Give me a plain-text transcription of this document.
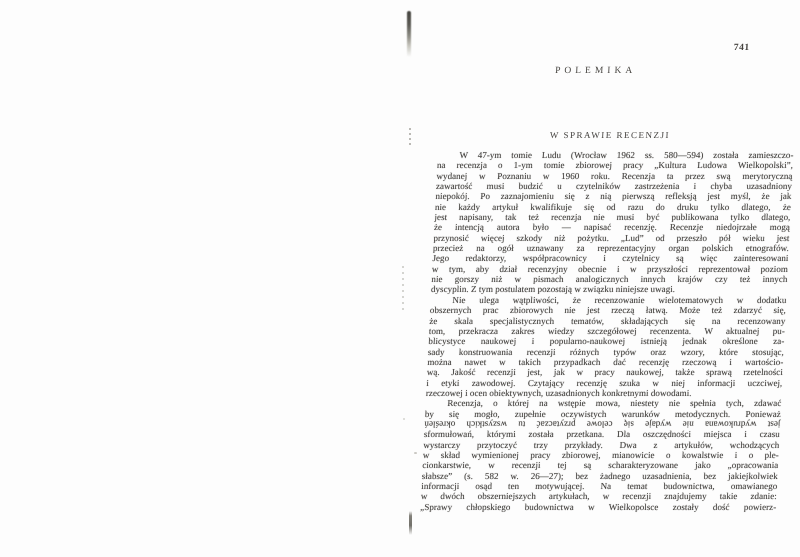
741
POLEMIKA
W SPRAWIE RECENZJI
W 47-ym tomie Ludu (Wrocław 1962 ss. 580—594) została zamieszczo-
na recenzja o 1-ym tomie zbiorowej pracy „Kultura Ludowa Wielkopolski”,
wydanej w Poznaniu w 1960 roku. Recenzja ta przez swą merytoryczną
zawartość musi budzić u czytelników zastrzeżenia i chyba uzasadniony
niepokój. Po zaznajomieniu się z nią pierwszą refleksją jest myśl, że jak
nie każdy artykuł kwalifikuje się od razu do druku tylko dlatego, że
jest napisany, tak też recenzja nie musi być publikowana tylko dlatego,
że intencją autora było — napisać recenzję. Recenzje niedojrzałe mogą
przynosić więcej szkody niż pożytku. „Lud” od przeszło pół wieku jest
przecież na ogół uznawany za reprezentacyjny organ polskich etnografów.
Jego redaktorzy, współpracownicy i czytelnicy są więc zainteresowani
w tym, aby dział recenzyjny obecnie i w przyszłości reprezentował poziom
nie gorszy niż w pismach analogicznych innych krajów czy też innych
dyscyplin. Z tym postulatem pozostają w związku niniejsze uwagi.
Nie ulega wątpliwości, że recenzowanie wielotematowych w dodatku
obszernych prac zbiorowych nie jest rzeczą łatwą. Może też zdarzyć się,
że skala specjalistycznych tematów, składających się na recenzowany
tom, przekracza zakres wiedzy szczegółowej recenzenta. W aktualnej pu-
blicystyce naukowej i popularno-naukowej istnieją jednak określone za-
sady konstruowania recenzji różnych typów oraz wzory, które stosując,
można nawet w takich przypadkach dać recenzję rzeczową i wartościo-
wą. Jakość recenzji jest, jak w pracy naukowej, także sprawą rzetelności
i etyki zawodowej. Czytający recenzję szuka w niej informacji uczciwej,
rzeczowej i ocen obiektywnych, uzasadnionych konkretnymi dowodami.
Recenzja, o której na wstępie mowa, niestety nie spełnia tych, zdawać
by się mogło, zupełnie oczywistych warunków metodycznych. Ponieważ
jest wydrukowana nie wydaje się celowe przytaczać tu wszystkich określeń
sformułowań, którymi została przetkana. Dla oszczędności miejsca i czasu
wystarczy przytoczyć trzy przykłady. Dwa z artykułów, wchodzących
w skład wymienionej pracy zbiorowej, mianowicie o kowalstwie i o ple-
cionkarstwie, w recenzji tej są scharakteryzowane jako „opracowania
słabsze” (s. 582 w. 26—27); bez żadnego uzasadnienia, bez jakiejkolwiek
informacji osąd ten motywującej. Na temat budownictwa, omawianego
w dwóch obszerniejszych artykułach, w recenzji znajdujemy takie zdanie:
„Sprawy chłopskiego budownictwa w Wielkopolsce zostały dość powierz-
